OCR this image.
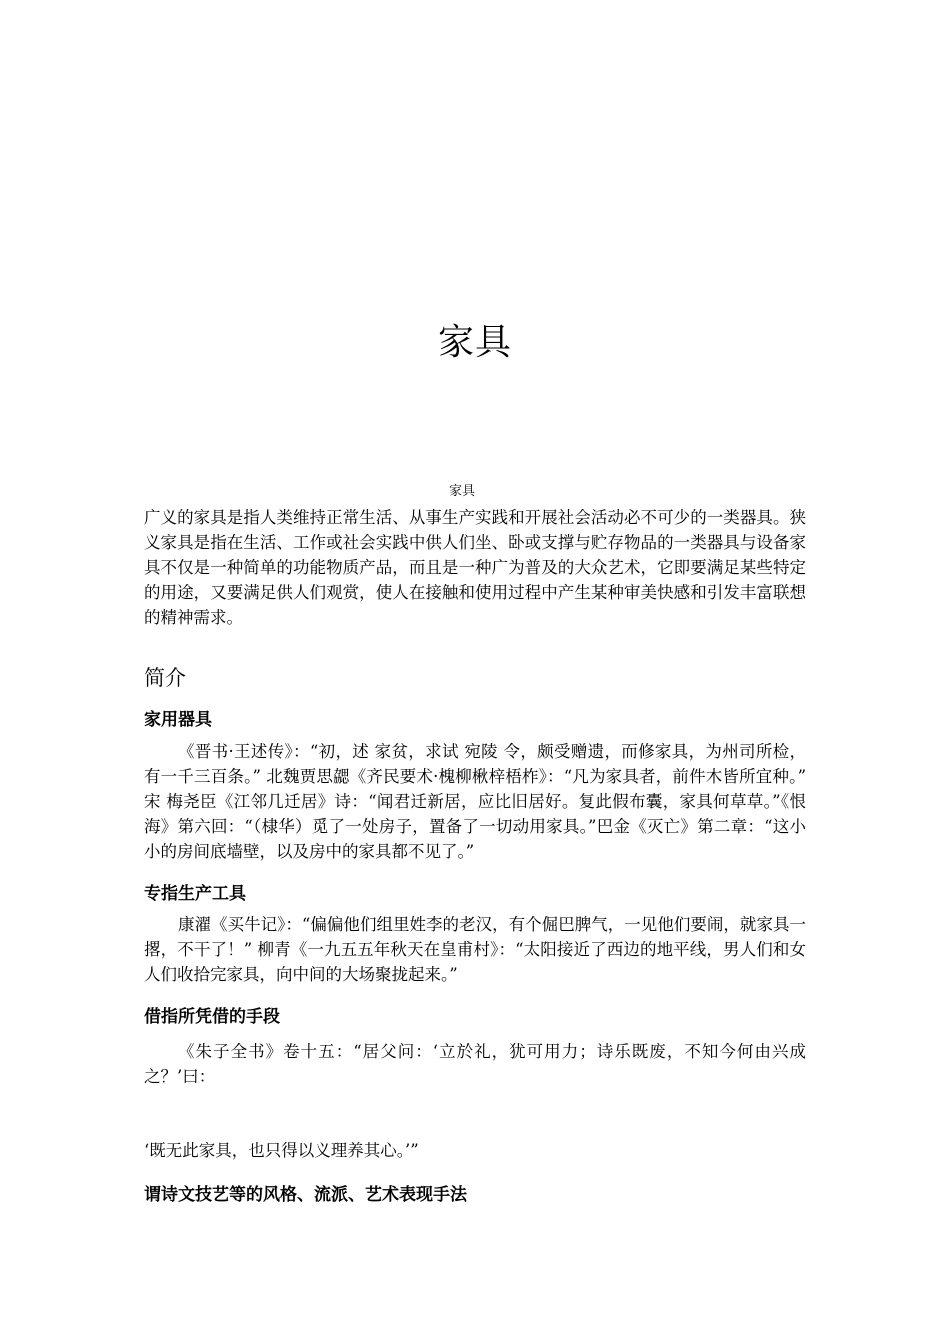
家具
家具
广义的家具是指人类维持正常生活、从事生产实践和开展社会活动必不可少的一类器具。狭义家具是指在生活、工作或社会实践中供人们坐、卧或支撑与贮存物品的一类器具与设备家具不仅是一种简单的功能物质产品，而且是一种广为普及的大众艺术，它即要满足某些特定的用途，又要满足供人们观赏，使人在接触和使用过程中产生某种审美快感和引发丰富联想的精神需求。
简介
家用器具
《晋书·王述传》：“初，述 家贫，求试 宛陵 令，颇受赠遗，而修家具，为州司所检，有一千三百条。” 北魏贾思勰《齐民要术·槐柳楸梓梧柞》：“凡为家具者，前件木皆所宜种。” 宋 梅尧臣《江邻几迁居》诗：“闻君迁新居，应比旧居好。复此假布囊，家具何草草。”《恨海》第六回：“（棣华）觅了一处房子，置备了一切动用家具。”巴金《灭亡》第二章：“这小小的房间底墙壁，以及房中的家具都不见了。”
专指生产工具
康濯《买牛记》：“偏偏他们组里姓李的老汉，有个倔巴脾气，一见他们要闹，就家具一撂，不干了！” 柳青《一九五五年秋天在皇甫村》：“太阳接近了西边的地平线，男人们和女人们收拾完家具，向中间的大场聚拢起来。”
借指所凭借的手段
《朱子全书》卷十五：“居父问：‘立於礼，犹可用力；诗乐既废，不知今何由兴成之？’曰：
‘既无此家具，也只得以义理养其心。’”
谓诗文技艺等的风格、流派、艺术表现手法
